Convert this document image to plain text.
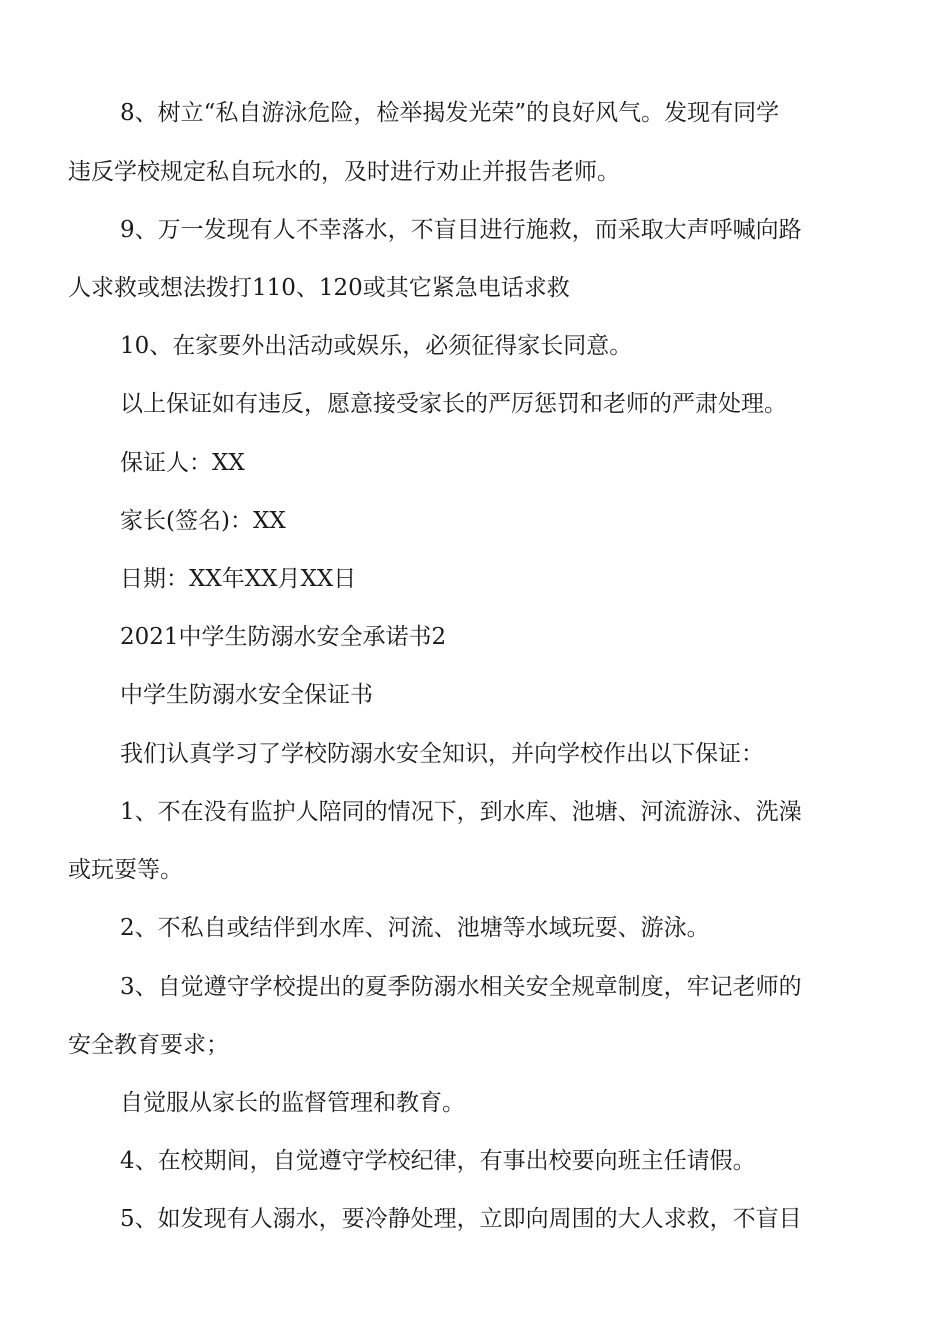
8、树立“私自游泳危险，检举揭发光荣”的良好风气。发现有同学

违反学校规定私自玩水的，及时进行劝止并报告老师。

9、万一发现有人不幸落水，不盲目进行施救，而采取大声呼喊向路

人求救或想法拨打110、120或其它紧急电话求救

10、在家要外出活动或娱乐，必须征得家长同意。

以上保证如有违反，愿意接受家长的严厉惩罚和老师的严肃处理。

保证人：XX

家长(签名)：XX

日期：XX年XX月XX日

2021中学生防溺水安全承诺书2

中学生防溺水安全保证书

我们认真学习了学校防溺水安全知识，并向学校作出以下保证：

1、不在没有监护人陪同的情况下，到水库、池塘、河流游泳、洗澡

或玩耍等。

2、不私自或结伴到水库、河流、池塘等水域玩耍、游泳。

3、自觉遵守学校提出的夏季防溺水相关安全规章制度，牢记老师的

安全教育要求；

自觉服从家长的监督管理和教育。

4、在校期间，自觉遵守学校纪律，有事出校要向班主任请假。

5、如发现有人溺水，要冷静处理，立即向周围的大人求救，不盲目
